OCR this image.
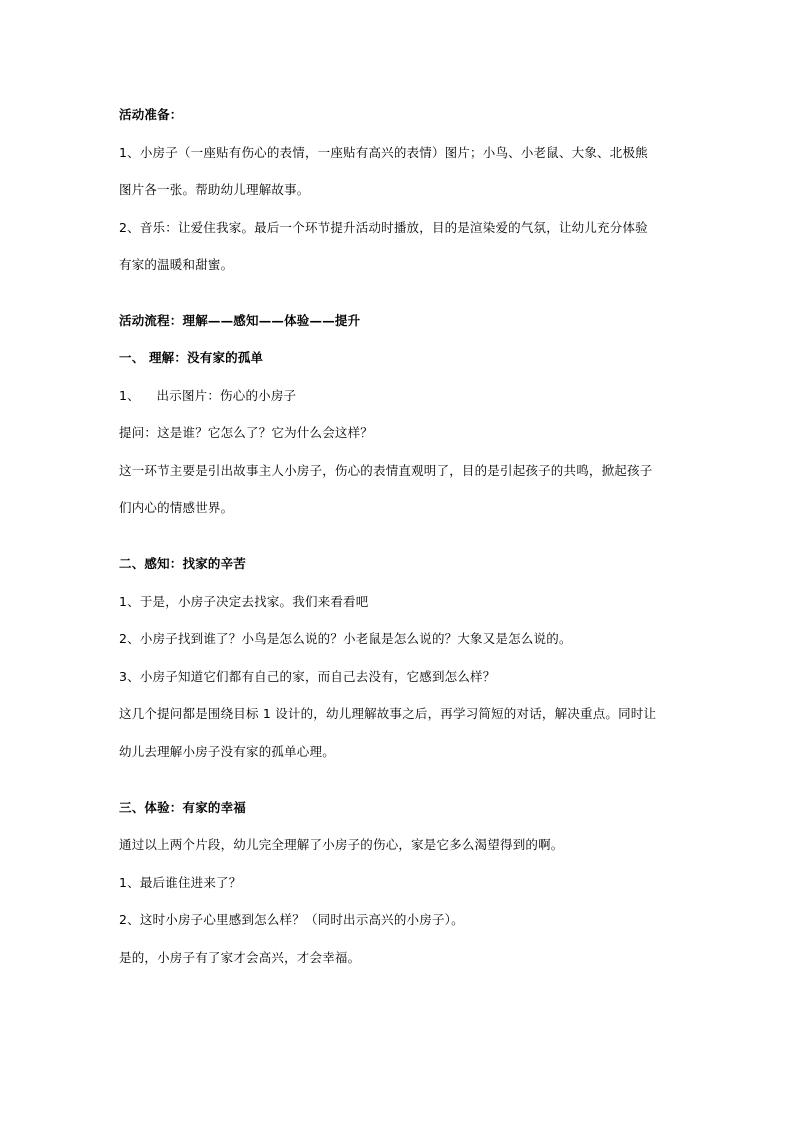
活动准备：
1、小房子（一座贴有伤心的表情，一座贴有高兴的表情）图片；小鸟、小老鼠、大象、北极熊
图片各一张。帮助幼儿理解故事。
2、音乐：让爱住我家。最后一个环节提升活动时播放，目的是渲染爱的气氛，让幼儿充分体验
有家的温暖和甜蜜。
活动流程：理解——感知——体验——提升
一、 理解：没有家的孤单
1、    出示图片：伤心的小房子
提问：这是谁？它怎么了？它为什么会这样？
这一环节主要是引出故事主人小房子，伤心的表情直观明了，目的是引起孩子的共鸣，掀起孩子
们内心的情感世界。
二、感知：找家的辛苦
1、于是，小房子决定去找家。我们来看看吧
2、小房子找到谁了？小鸟是怎么说的？小老鼠是怎么说的？大象又是怎么说的。
3、小房子知道它们都有自己的家，而自己去没有，它感到怎么样？
这几个提问都是围绕目标 1 设计的，幼儿理解故事之后，再学习简短的对话，解决重点。同时让
幼儿去理解小房子没有家的孤单心理。
三、体验：有家的幸福
通过以上两个片段，幼儿完全理解了小房子的伤心，家是它多么渴望得到的啊。
1、最后谁住进来了？
2、这时小房子心里感到怎么样？（同时出示高兴的小房子）。
是的，小房子有了家才会高兴，才会幸福。
